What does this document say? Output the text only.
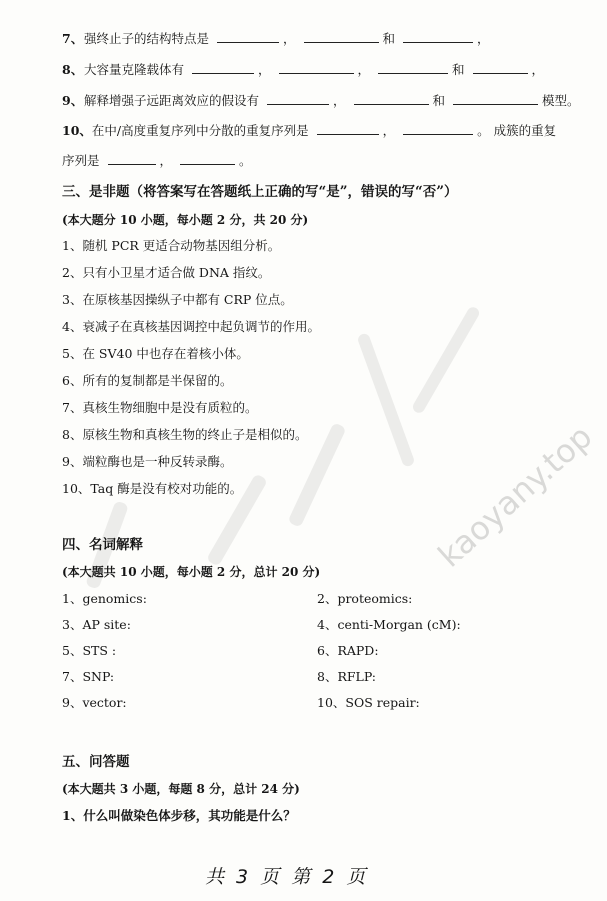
kaoyany.top
7、强终止子的结构特点是	，	和	，
8、大容量克隆载体有	，	，	和	，
9、解释增强子远距离效应的假设有	，	和	模型。
10、在中/高度重复序列中分散的重复序列是	，	。 成簇的重复
序列是	，	。
三、是非题（将答案写在答题纸上正确的写“是”，错误的写“否”）
(本大题分 10 小题，每小题 2 分，共 20 分)
1、随机 PCR 更适合动物基因组分析。
2、只有小卫星才适合做 DNA 指纹。
3、在原核基因操纵子中都有 CRP 位点。
4、衰减子在真核基因调控中起负调节的作用。
5、在 SV40 中也存在着核小体。
6、所有的复制都是半保留的。
7、真核生物细胞中是没有质粒的。
8、原核生物和真核生物的终止子是相似的。
9、端粒酶也是一种反转录酶。
10、Taq 酶是没有校对功能的。
四、名词解释
(本大题共 10 小题，每小题 2 分，总计 20 分)
1、genomics:	2、proteomics:
3、AP site:	4、centi-Morgan (cM):
5、STS :	6、RAPD:
7、SNP:	8、RFLP:
9、vector:	10、SOS repair:
五、问答题
(本大题共 3 小题，每题 8 分，总计 24 分)
1、什么叫做染色体步移，其功能是什么？
共 3 页 第 2 页
